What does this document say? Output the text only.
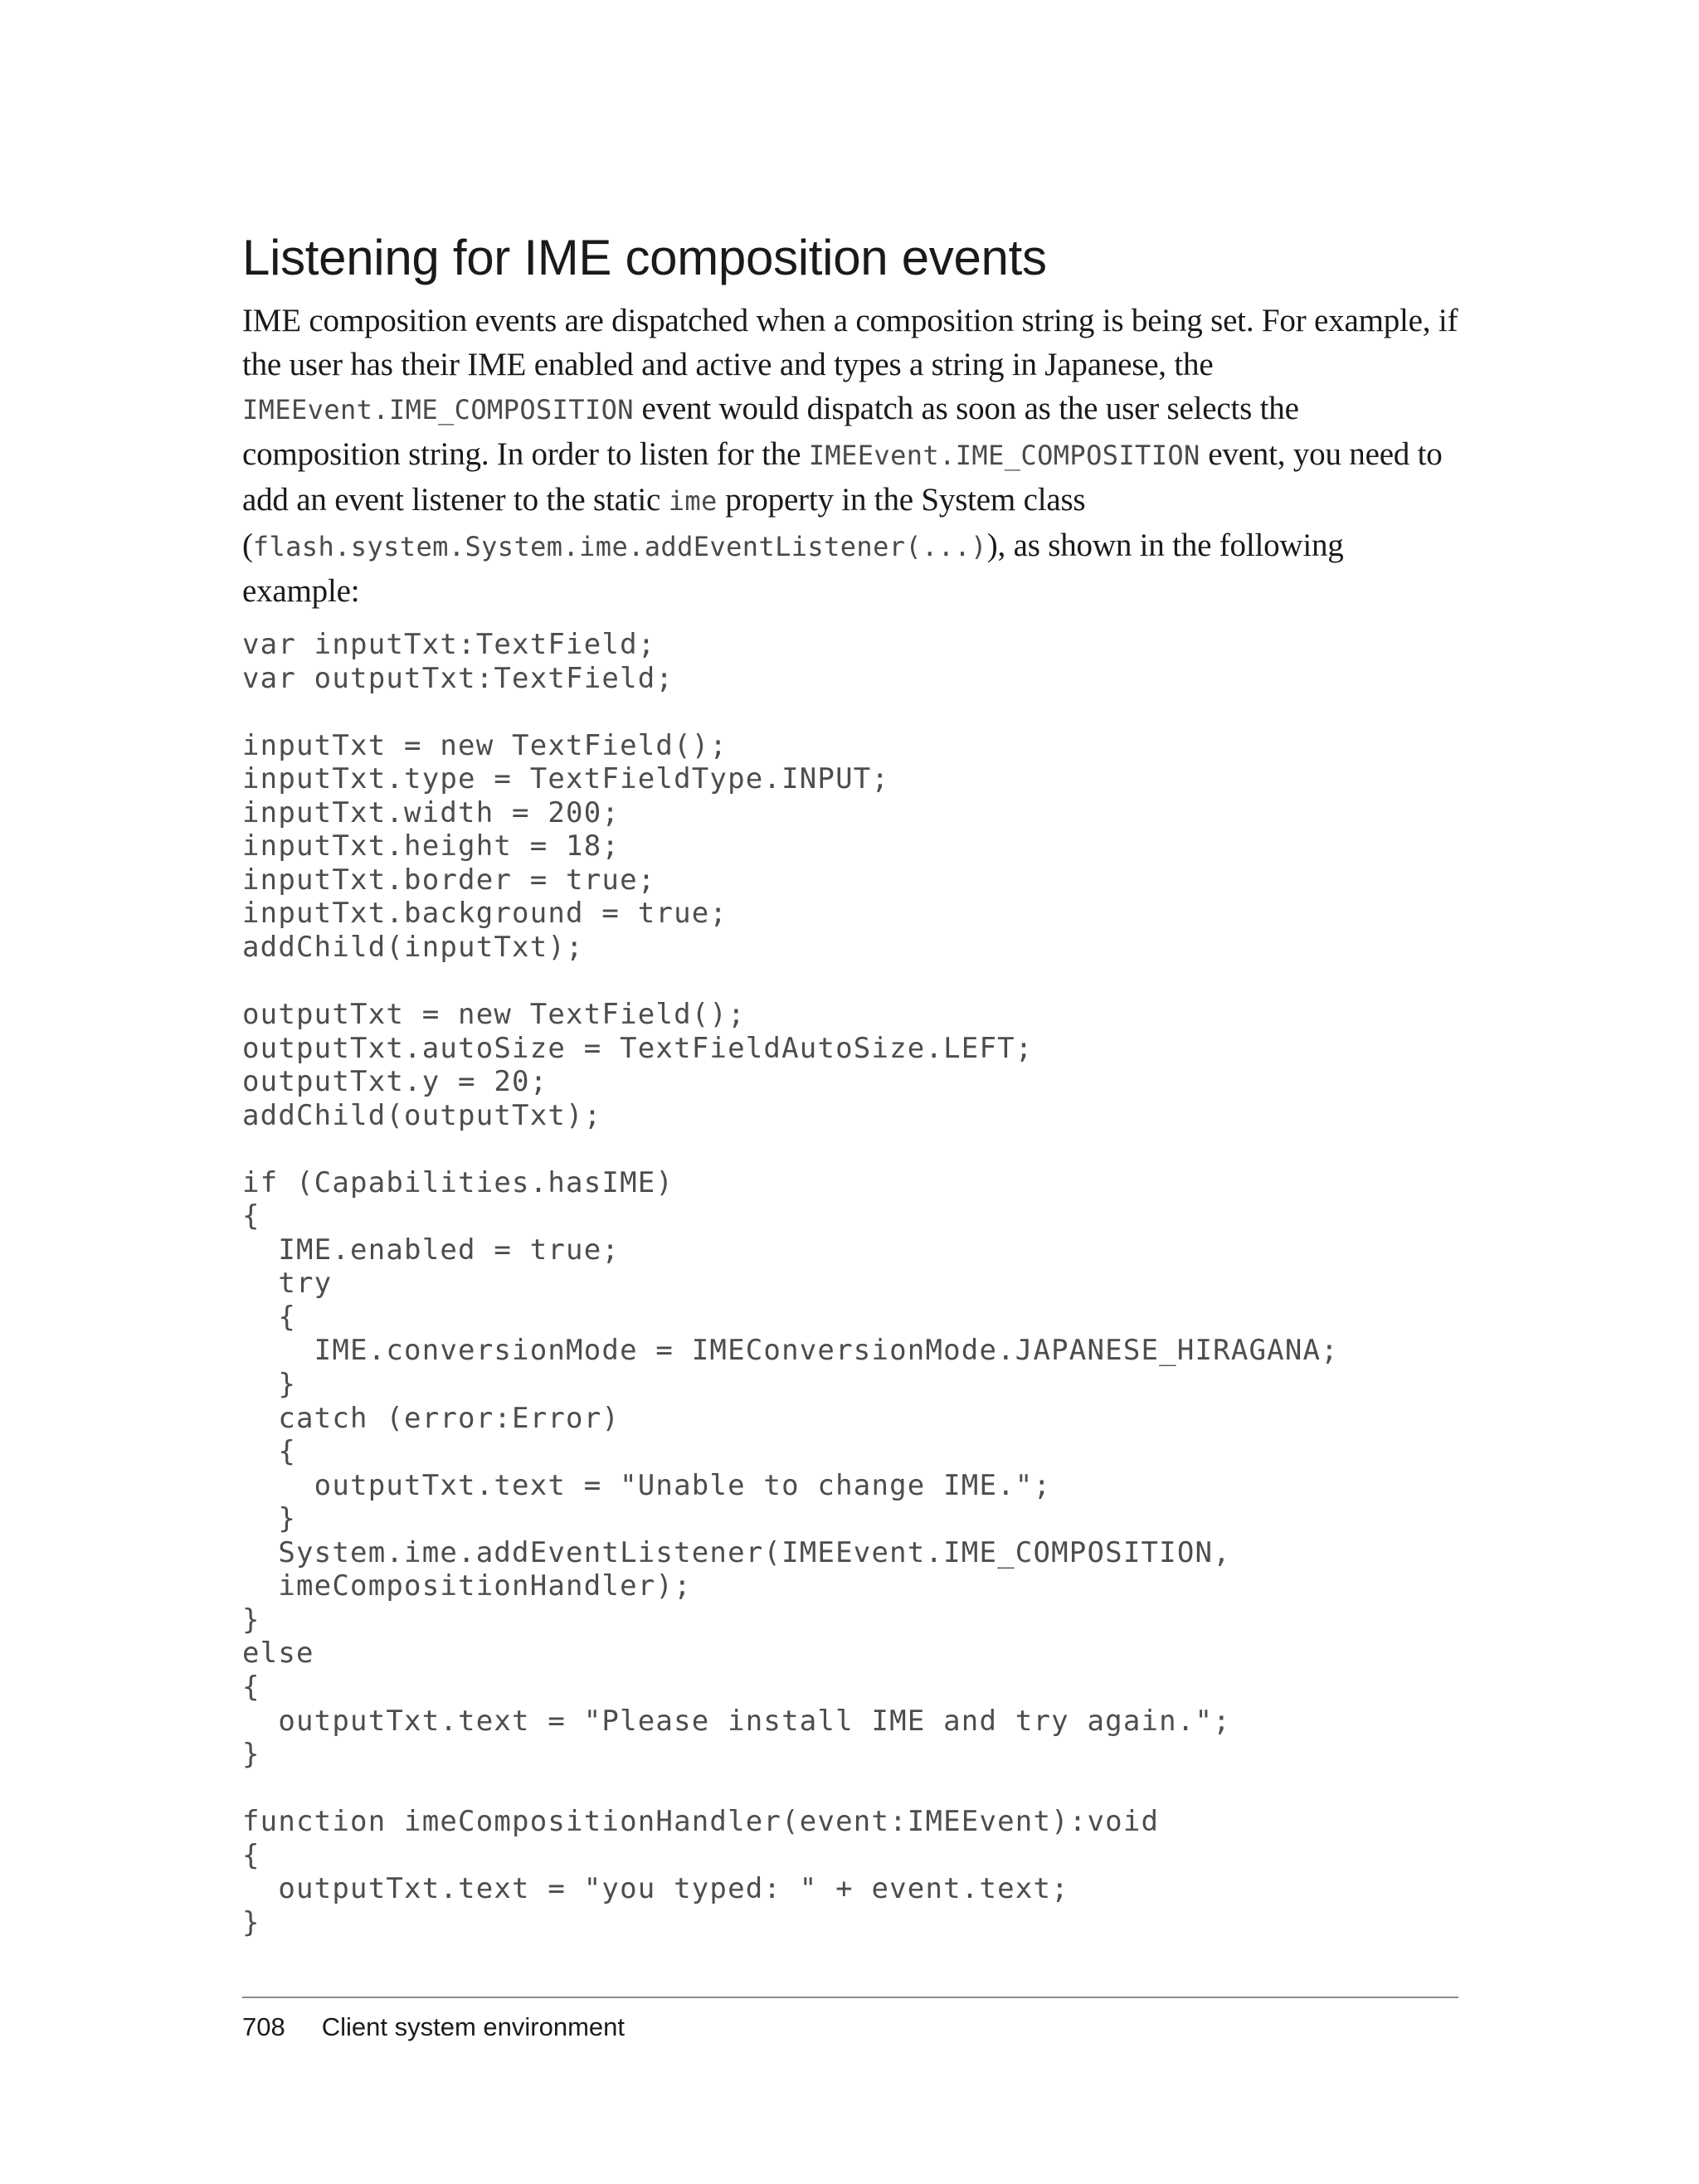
Listening for IME composition events

IME composition events are dispatched when a composition string is being set. For example, if the user has their IME enabled and active and types a string in Japanese, the IMEEvent.IME_COMPOSITION event would dispatch as soon as the user selects the composition string. In order to listen for the IMEEvent.IME_COMPOSITION event, you need to add an event listener to the static ime property in the System class (flash.system.System.ime.addEventListener(...)), as shown in the following example:

var inputTxt:TextField;
var outputTxt:TextField;
inputTxt = new TextField();
inputTxt.type = TextFieldType.INPUT;
inputTxt.width = 200;
inputTxt.height = 18;
inputTxt.border = true;
inputTxt.background = true;
addChild(inputTxt);
outputTxt = new TextField();
outputTxt.autoSize = TextFieldAutoSize.LEFT;
outputTxt.y = 20;
addChild(outputTxt);
if (Capabilities.hasIME)
{
IME.enabled = true;
try
{
IME.conversionMode = IMEConversionMode.JAPANESE_HIRAGANA;
}
catch (error:Error)
{
outputTxt.text = "Unable to change IME.";
}
System.ime.addEventListener(IMEEvent.IME_COMPOSITION,
imeCompositionHandler);
}
else
{
outputTxt.text = "Please install IME and try again.";
}
function imeCompositionHandler(event:IMEEvent):void
{
outputTxt.text = "you typed: " + event.text;
}
708 Client system environment
